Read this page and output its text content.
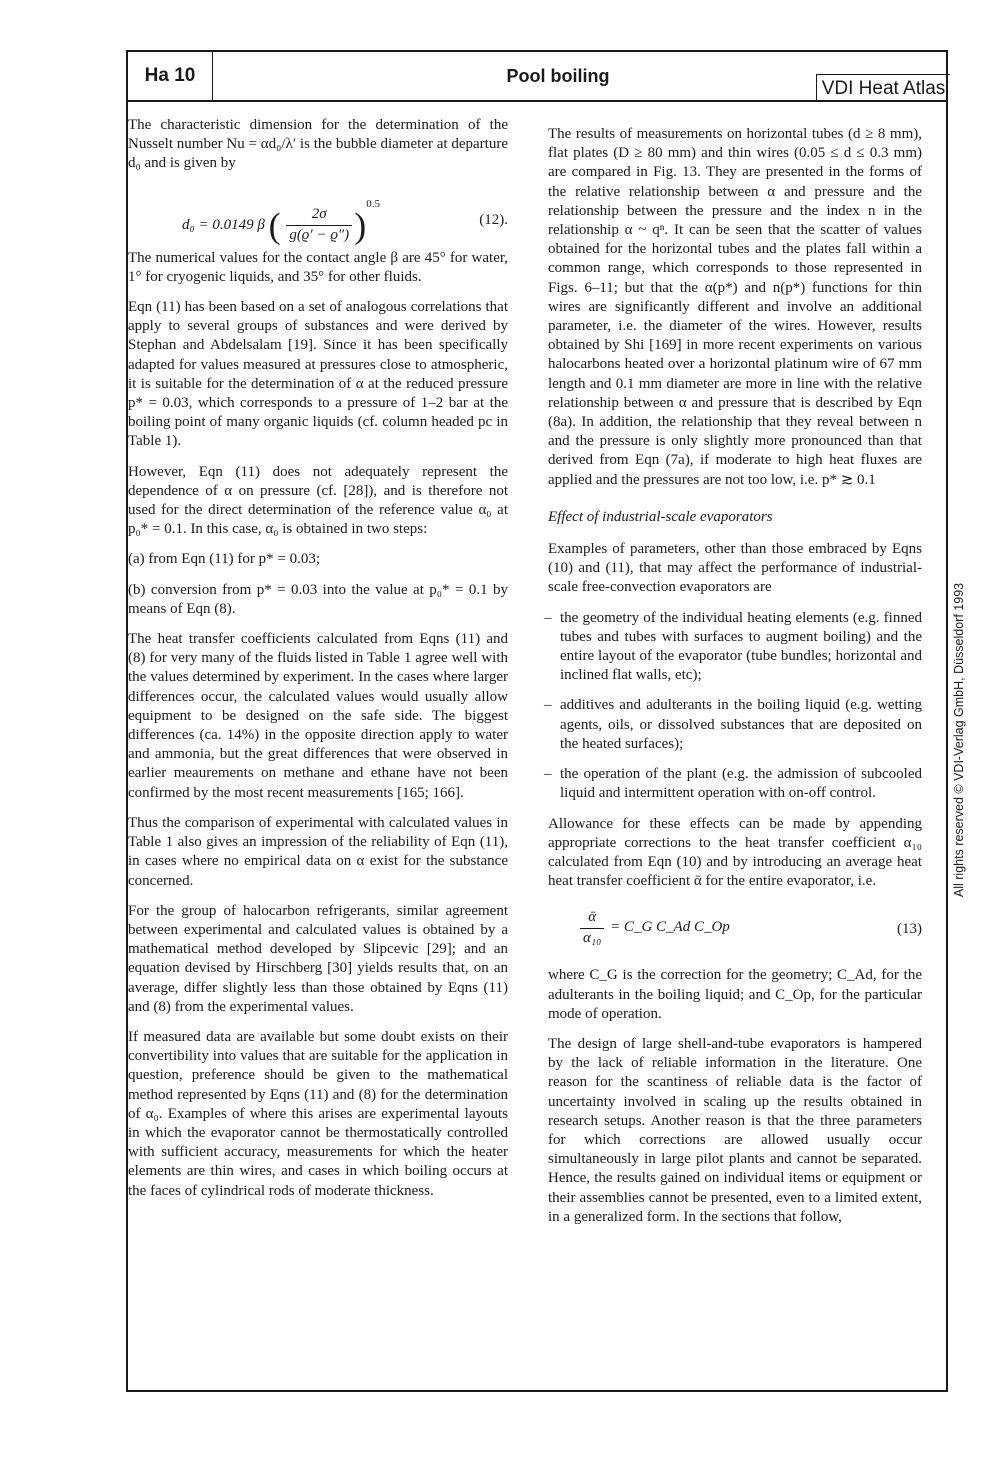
Ha 10	Pool boiling
VDI Heat Atlas

The characteristic dimension for the determination of the Nusselt number Nu = αd₀/λ′ is the bubble diameter at departure d₀ and is given by

d₀ = 0.0149 β ( $\frac{2\sigma}{g(ϱ' - ϱ'')} )^{0.5}$
(12).

The numerical values for the contact angle β are 45° for water, 1° for cryogenic liquids, and 35° for other fluids.

Eqn (11) has been based on a set of analogous correlations that apply to several groups of substances and were derived by Stephan and Abdelsalam [19]. Since it has been specifically adapted for values measured at pressures close to atmospheric, it is suitable for the determination of α at the reduced pressure p* = 0.03, which corresponds to a pressure of 1–2 bar at the boiling point of many organic liquids (cf. column headed pc in Table 1).

However, Eqn (11) does not adequately represent the dependence of α on pressure (cf. [28]), and is therefore not used for the direct determination of the reference value α₀ at p₀* = 0.1. In this case, α₀ is obtained in two steps:

(a) from Eqn (11) for p* = 0.03;

(b) conversion from p* = 0.03 into the value at p₀* = 0.1 by means of Eqn (8).

The heat transfer coefficients calculated from Eqns (11) and (8) for very many of the fluids listed in Table 1 agree well with the values determined by experiment. In the cases where larger differences occur, the calculated values would usually allow equipment to be designed on the safe side. The biggest differences (ca. 14%) in the opposite direction apply to water and ammonia, but the great differences that were observed in earlier meaurements on methane and ethane have not been confirmed by the most recent measurements [165; 166].

Thus the comparison of experimental with calculated values in Table 1 also gives an impression of the reliability of Eqn (11), in cases where no empirical data on α exist for the substance concerned.

For the group of halocarbon refrigerants, similar agreement between experimental and calculated values is obtained by a mathematical method developed by Slipcevic [29]; and an equation devised by Hirschberg [30] yields results that, on an average, differ slightly less than those obtained by Eqns (11) and (8) from the experimental values.

If measured data are available but some doubt exists on their convertibility into values that are suitable for the application in question, preference should be given to the mathematical method represented by Eqns (11) and (8) for the determination of α₀. Examples of where this arises are experimental layouts in which the evaporator cannot be thermostatically controlled with sufficient accuracy, measurements for which the heater elements are thin wires, and cases in which boiling occurs at the faces of cylindrical rods of moderate thickness.

The results of measurements on horizontal tubes (d ≥ 8 mm), flat plates (D ≥ 80 mm) and thin wires (0.05 ≤ d ≤ 0.3 mm) are compared in Fig. 13. They are presented in the forms of the relative relationship between α and pressure and the relationship between the pressure and the index n in the relationship α ~ qⁿ. It can be seen that the scatter of values obtained for the horizontal tubes and the plates fall within a common range, which corresponds to those represented in Figs. 6–11; but that the α(p*) and n(p*) functions for thin wires are significantly different and involve an additional parameter, i.e. the diameter of the wires. However, results obtained by Shi [169] in more recent experiments on various halocarbons heated over a horizontal platinum wire of 67 mm length and 0.1 mm diameter are more in line with the relative relationship between α and pressure that is described by Eqn (8a). In addition, the relationship that they reveal between n and the pressure is only slightly more pronounced than that derived from Eqn (7a), if moderate to high heat fluxes are applied and the pressures are not too low, i.e. p* ≳ 0.1

Effect of industrial-scale evaporators

Examples of parameters, other than those embraced by Eqns (10) and (11), that may affect the performance of industrial-scale free-convection evaporators are

– the geometry of the individual heating elements (e.g. finned tubes and tubes with surfaces to augment boiling) and the entire layout of the evaporator (tube bundles; horizontal and inclined flat walls, etc);
– additives and adulterants in the boiling liquid (e.g. wetting agents, oils, or dissolved substances that are deposited on the heated surfaces);
– the operation of the plant (e.g. the admission of subcooled liquid and intermittent operation with on-off control.

Allowance for these effects can be made by appending appropriate corrections to the heat transfer coefficient α₁₀ calculated from Eqn (10) and by introducing an average heat heat transfer coefficient ᾱ for the entire evaporator, i.e.

$\frac{\text{ᾱ}}{\text{α₁₀}}$ = C_G C_Ad C_Op	(13)

where C_G is the correction for the geometry; C_Ad, for the adulterants in the boiling liquid; and C_Op, for the particular mode of operation.

The design of large shell-and-tube evaporators is hampered by the lack of reliable information in the literature. One reason for the scantiness of reliable data is the factor of uncertainty involved in scaling up the results obtained in research setups. Another reason is that the three parameters for which corrections are allowed usually occur simultaneously in large pilot plants and cannot be separated. Hence, the results gained on individual items or equipment or their assemblies cannot be presented, even to a limited extent, in a generalized form. In the sections that follow,

All rights reserved © VDI-Verlag GmbH, Düsseldorf 1993
